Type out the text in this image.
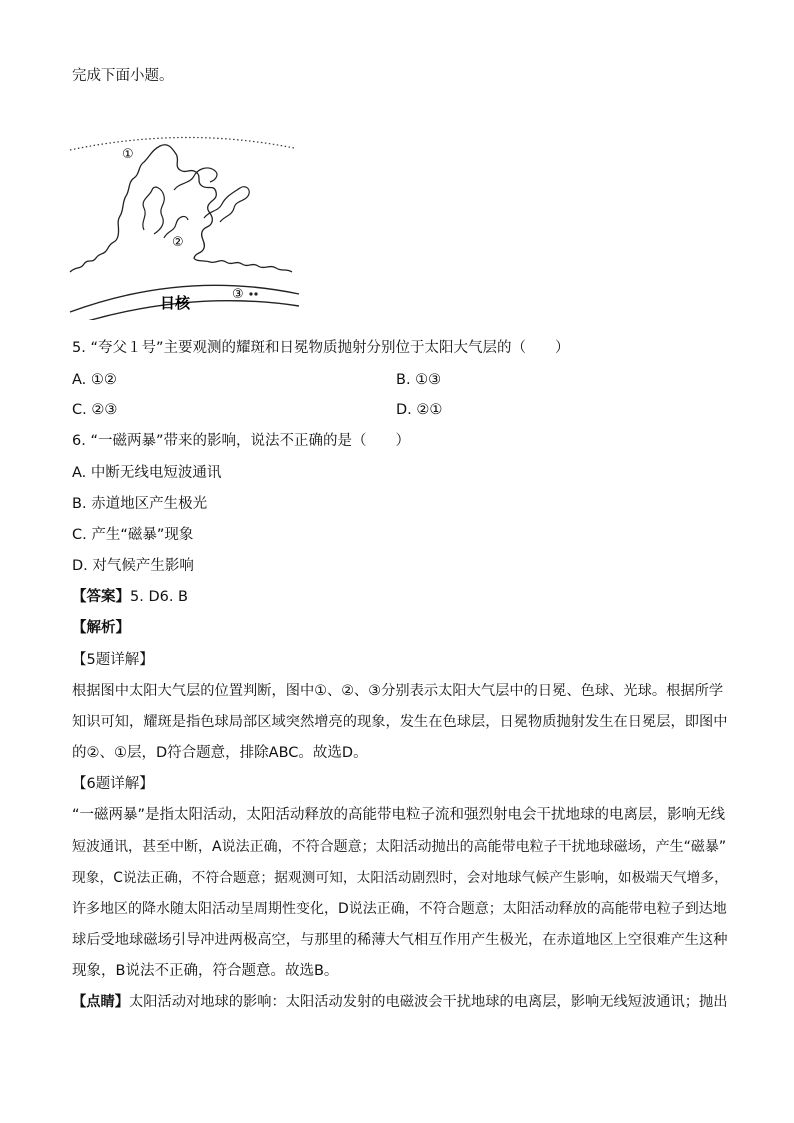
完成下面小题。
①
②
③
日核
5. “夸父１号”主要观测的耀斑和日冕物质抛射分别位于太阳大气层的（　　）
A. ①②	B. ①③
C. ②③	D. ②①
6. “一磁两暴”带来的影响，说法不正确的是（　　）
A. 中断无线电短波通讯
B. 赤道地区产生极光
C. 产生“磁暴”现象
D. 对气候产生影响
【答案】5. D6. B
【解析】
【5题详解】
根据图中太阳大气层的位置判断，图中①、②、③分别表示太阳大气层中的日冕、色球、光球。根据所学
知识可知，耀斑是指色球局部区域突然增亮的现象，发生在色球层，日冕物质抛射发生在日冕层，即图中
的②、①层，D符合题意，排除ABC。故选D。
【6题详解】
“一磁两暴”是指太阳活动，太阳活动释放的高能带电粒子流和强烈射电会干扰地球的电离层，影响无线
短波通讯，甚至中断，A说法正确，不符合题意；太阳活动抛出的高能带电粒子干扰地球磁场，产生“磁暴”
现象，C说法正确，不符合题意；据观测可知，太阳活动剧烈时，会对地球气候产生影响，如极端天气增多，
许多地区的降水随太阳活动呈周期性变化，D说法正确，不符合题意；太阳活动释放的高能带电粒子到达地
球后受地球磁场引导冲进两极高空，与那里的稀薄大气相互作用产生极光，在赤道地区上空很难产生这种
现象，B说法不正确，符合题意。故选B。
【点睛】太阳活动对地球的影响：太阳活动发射的电磁波会干扰地球的电离层，影响无线短波通讯；抛出
